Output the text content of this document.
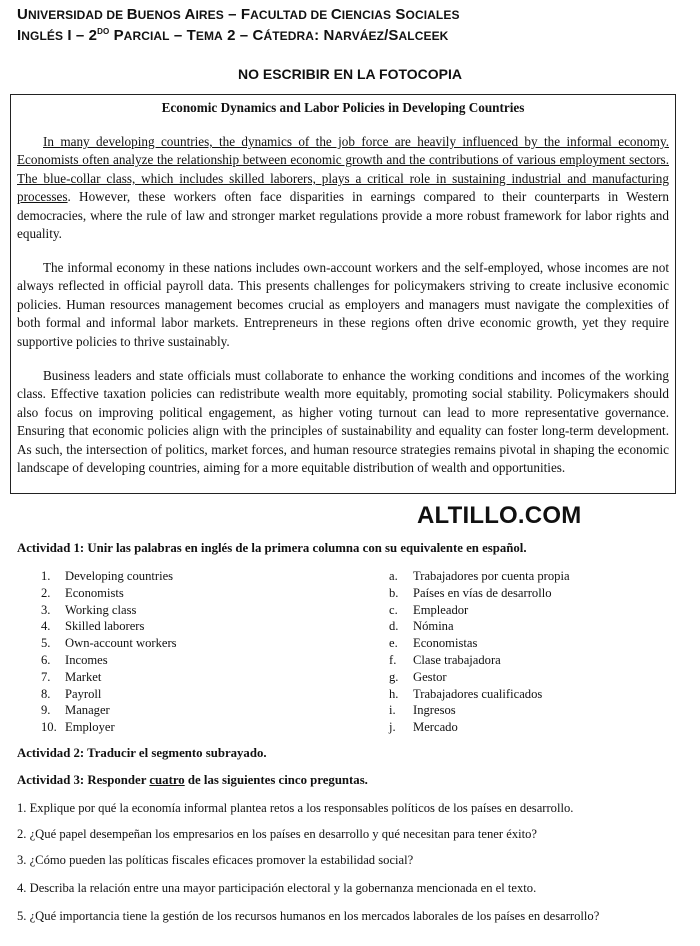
UNIVERSIDAD DE BUENOS AIRES – FACULTAD DE CIENCIAS SOCIALES
INGLÉS I – $2^{DO}$ PARCIAL – TEMA 2 – CÁTEDRA: NARVÁEZ/SALCEEK
NO ESCRIBIR EN LA FOTOCOPIA
Economic Dynamics and Labor Policies in Developing Countries

In many developing countries, the dynamics of the job force are heavily influenced by the informal economy. Economists often analyze the relationship between economic growth and the contributions of various employment sectors. The blue-collar class, which includes skilled laborers, plays a critical role in sustaining industrial and manufacturing processes. However, these workers often face disparities in earnings compared to their counterparts in Western democracies, where the rule of law and stronger market regulations provide a more robust framework for labor rights and equality.

The informal economy in these nations includes own-account workers and the self-employed, whose incomes are not always reflected in official payroll data. This presents challenges for policymakers striving to create inclusive economic policies. Human resources management becomes crucial as employers and managers must navigate the complexities of both formal and informal labor markets. Entrepreneurs in these regions often drive economic growth, yet they require supportive policies to thrive sustainably.

Business leaders and state officials must collaborate to enhance the working conditions and incomes of the working class. Effective taxation policies can redistribute wealth more equitably, promoting social stability. Policymakers should also focus on improving political engagement, as higher voting turnout can lead to more representative governance. Ensuring that economic policies align with the principles of sustainability and equality can foster long-term development. As such, the intersection of politics, market forces, and human resource strategies remains pivotal in shaping the economic landscape of developing countries, aiming for a more equitable distribution of wealth and opportunities.

ALTILLO.COM
Actividad 1: Unir las palabras en inglés de la primera columna con su equivalente en español.
1. Developing countries
2. Economists
3. Working class
4. Skilled laborers
5. Own-account workers
6. Incomes
7. Market
8. Payroll
9. Manager
10. Employer
a. Trabajadores por cuenta propia
b. Países en vías de desarrollo
c. Empleador
d. Nómina
e. Economistas
f. Clase trabajadora
g. Gestor
h. Trabajadores cualificados
i. Ingresos
j. Mercado
Actividad 2: Traducir el segmento subrayado.
Actividad 3: Responder cuatro de las siguientes cinco preguntas.
1. Explique por qué la economía informal plantea retos a los responsables políticos de los países en desarrollo.
2. ¿Qué papel desempeñan los empresarios en los países en desarrollo y qué necesitan para tener éxito?
3. ¿Cómo pueden las políticas fiscales eficaces promover la estabilidad social?
4. Describa la relación entre una mayor participación electoral y la gobernanza mencionada en el texto.
5. ¿Qué importancia tiene la gestión de los recursos humanos en los mercados laborales de los países en desarrollo?
